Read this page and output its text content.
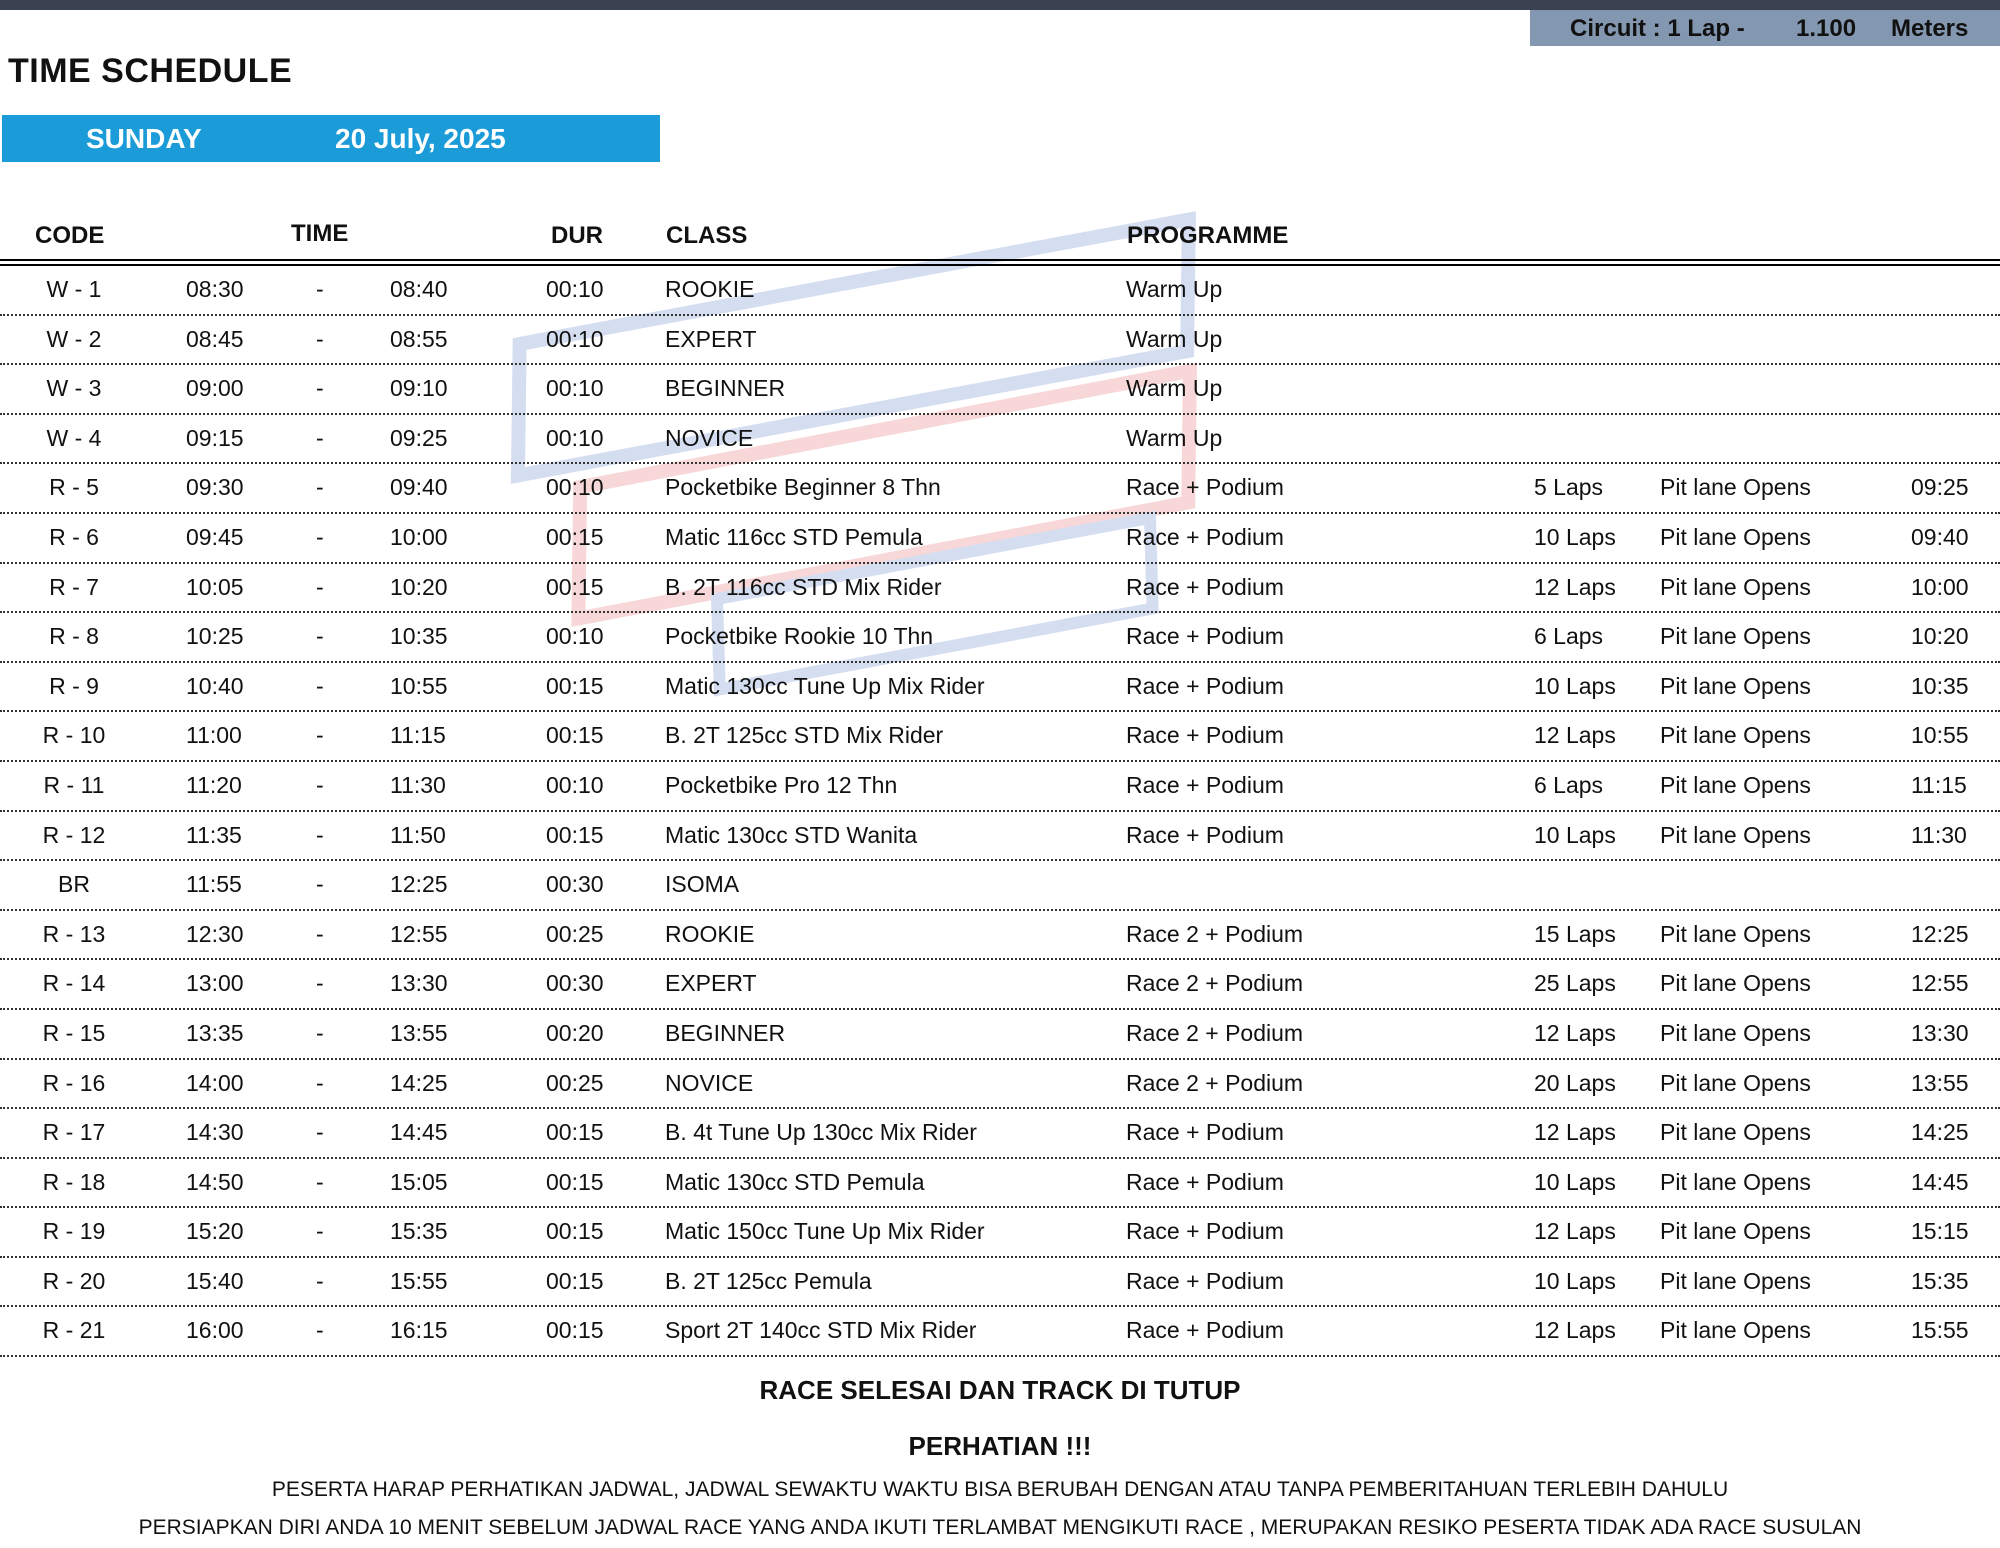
Circuit : 1 Lap - 1.100 Meters
TIME SCHEDULE
SUNDAY	20 July, 2025
CODE	TIME	DUR	CLASS	PROGRAMME
W - 1	08:30	-	08:40	00:10	ROOKIE	Warm Up
W - 2	08:45	-	08:55	00:10	EXPERT	Warm Up
W - 3	09:00	-	09:10	00:10	BEGINNER	Warm Up
W - 4	09:15	-	09:25	00:10	NOVICE	Warm Up
R - 5	09:30	-	09:40	00:10	Pocketbike Beginner 8 Thn	Race + Podium	5 Laps Pit lane Opens	09:25
R - 6	09:45	-	10:00	00:15	Matic 116cc STD Pemula	Race + Podium	10 Laps Pit lane Opens	09:40
R - 7	10:05	-	10:20	00:15	B. 2T 116cc STD Mix Rider	Race + Podium	12 Laps Pit lane Opens	10:00
R - 8	10:25	-	10:35	00:10	Pocketbike Rookie 10 Thn	Race + Podium	6 Laps Pit lane Opens	10:20
R - 9	10:40	-	10:55	00:15	Matic 130cc Tune Up Mix Rider	Race + Podium	10 Laps Pit lane Opens	10:35
R - 10	11:00	-	11:15	00:15	B. 2T 125cc STD Mix Rider	Race + Podium	12 Laps Pit lane Opens	10:55
R - 11	11:20	-	11:30	00:10	Pocketbike Pro 12 Thn	Race + Podium	6 Laps Pit lane Opens	11:15
R - 12	11:35	-	11:50	00:15	Matic 130cc STD Wanita	Race + Podium	10 Laps Pit lane Opens	11:30
BR	11:55	-	12:25	00:30	ISOMA
R - 13	12:30	-	12:55	00:25	ROOKIE	Race 2 + Podium	15 Laps Pit lane Opens	12:25
R - 14	13:00	-	13:30	00:30	EXPERT	Race 2 + Podium	25 Laps Pit lane Opens	12:55
R - 15	13:35	-	13:55	00:20	BEGINNER	Race 2 + Podium	12 Laps Pit lane Opens	13:30
R - 16	14:00	-	14:25	00:25	NOVICE	Race 2 + Podium	20 Laps Pit lane Opens	13:55
R - 17	14:30	-	14:45	00:15	B. 4t Tune Up 130cc Mix Rider	Race + Podium	12 Laps Pit lane Opens	14:25
R - 18	14:50	-	15:05	00:15	Matic 130cc STD Pemula	Race + Podium	10 Laps Pit lane Opens	14:45
R - 19	15:20	-	15:35	00:15	Matic 150cc Tune Up Mix Rider	Race + Podium	12 Laps Pit lane Opens	15:15
R - 20	15:40	-	15:55	00:15	B. 2T 125cc Pemula	Race + Podium	10 Laps Pit lane Opens	15:35
R - 21	16:00	-	16:15	00:15	Sport 2T 140cc STD Mix Rider	Race + Podium	12 Laps Pit lane Opens	15:55
RACE SELESAI DAN TRACK DI TUTUP
PERHATIAN !!!
PESERTA HARAP PERHATIKAN JADWAL, JADWAL SEWAKTU WAKTU BISA BERUBAH DENGAN ATAU TANPA PEMBERITAHUAN TERLEBIH DAHULU
PERSIAPKAN DIRI ANDA 10 MENIT SEBELUM JADWAL RACE YANG ANDA IKUTI TERLAMBAT MENGIKUTI RACE , MERUPAKAN RESIKO PESERTA TIDAK ADA RACE SUSULAN
